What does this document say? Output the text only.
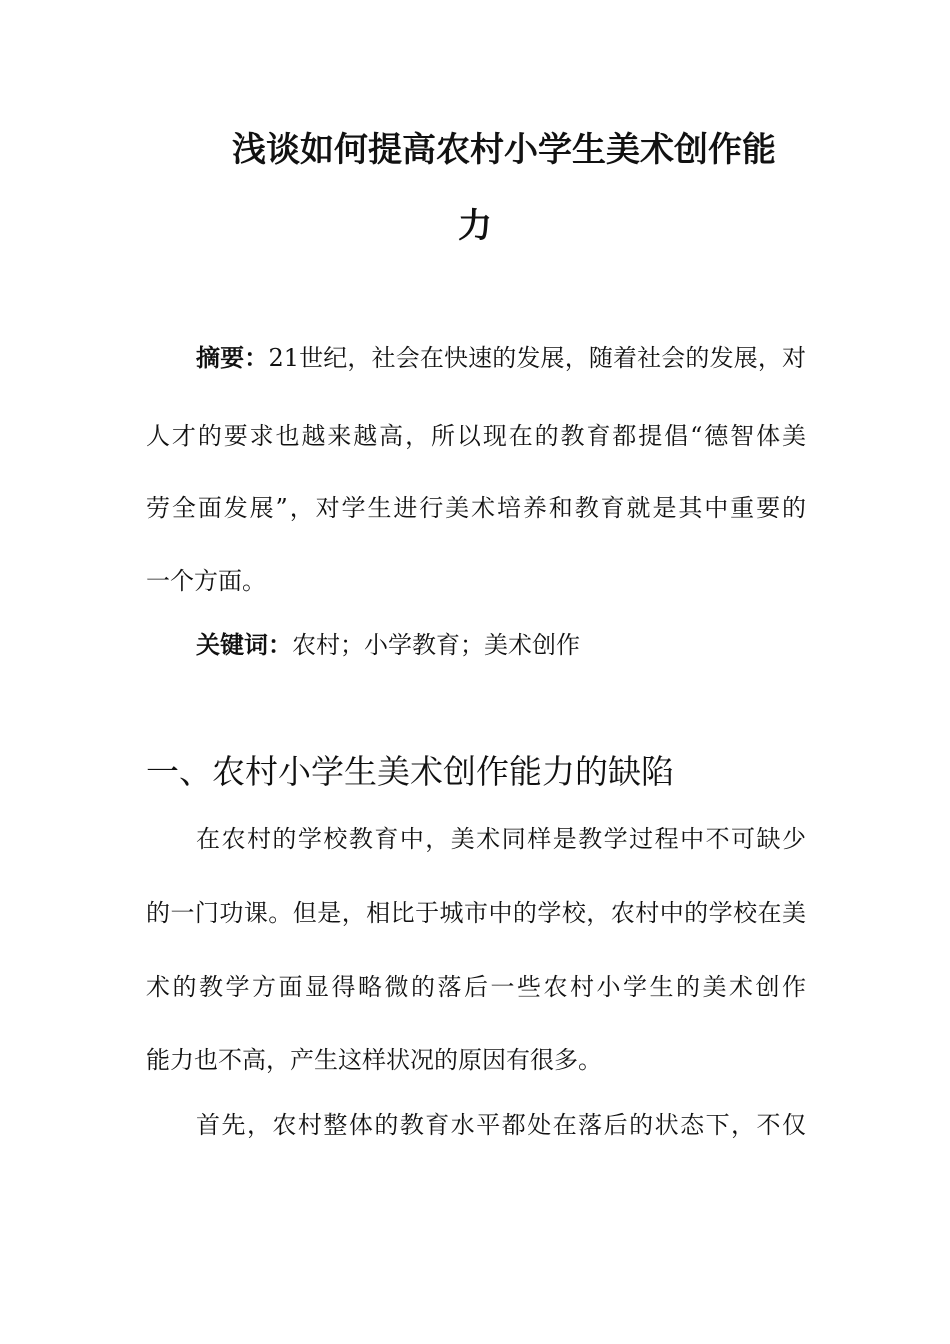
浅谈如何提高农村小学生美术创作能
力
摘要：21世纪，社会在快速的发展，随着社会的发展，对
人才的要求也越来越高，所以现在的教育都提倡“德智体美
劳全面发展”，对学生进行美术培养和教育就是其中重要的
一个方面。
关键词：农村；小学教育；美术创作
一、农村小学生美术创作能力的缺陷
在农村的学校教育中，美术同样是教学过程中不可缺少
的一门功课。但是，相比于城市中的学校，农村中的学校在美
术的教学方面显得略微的落后一些农村小学生的美术创作
能力也不高，产生这样状况的原因有很多。
首先，农村整体的教育水平都处在落后的状态下，不仅
